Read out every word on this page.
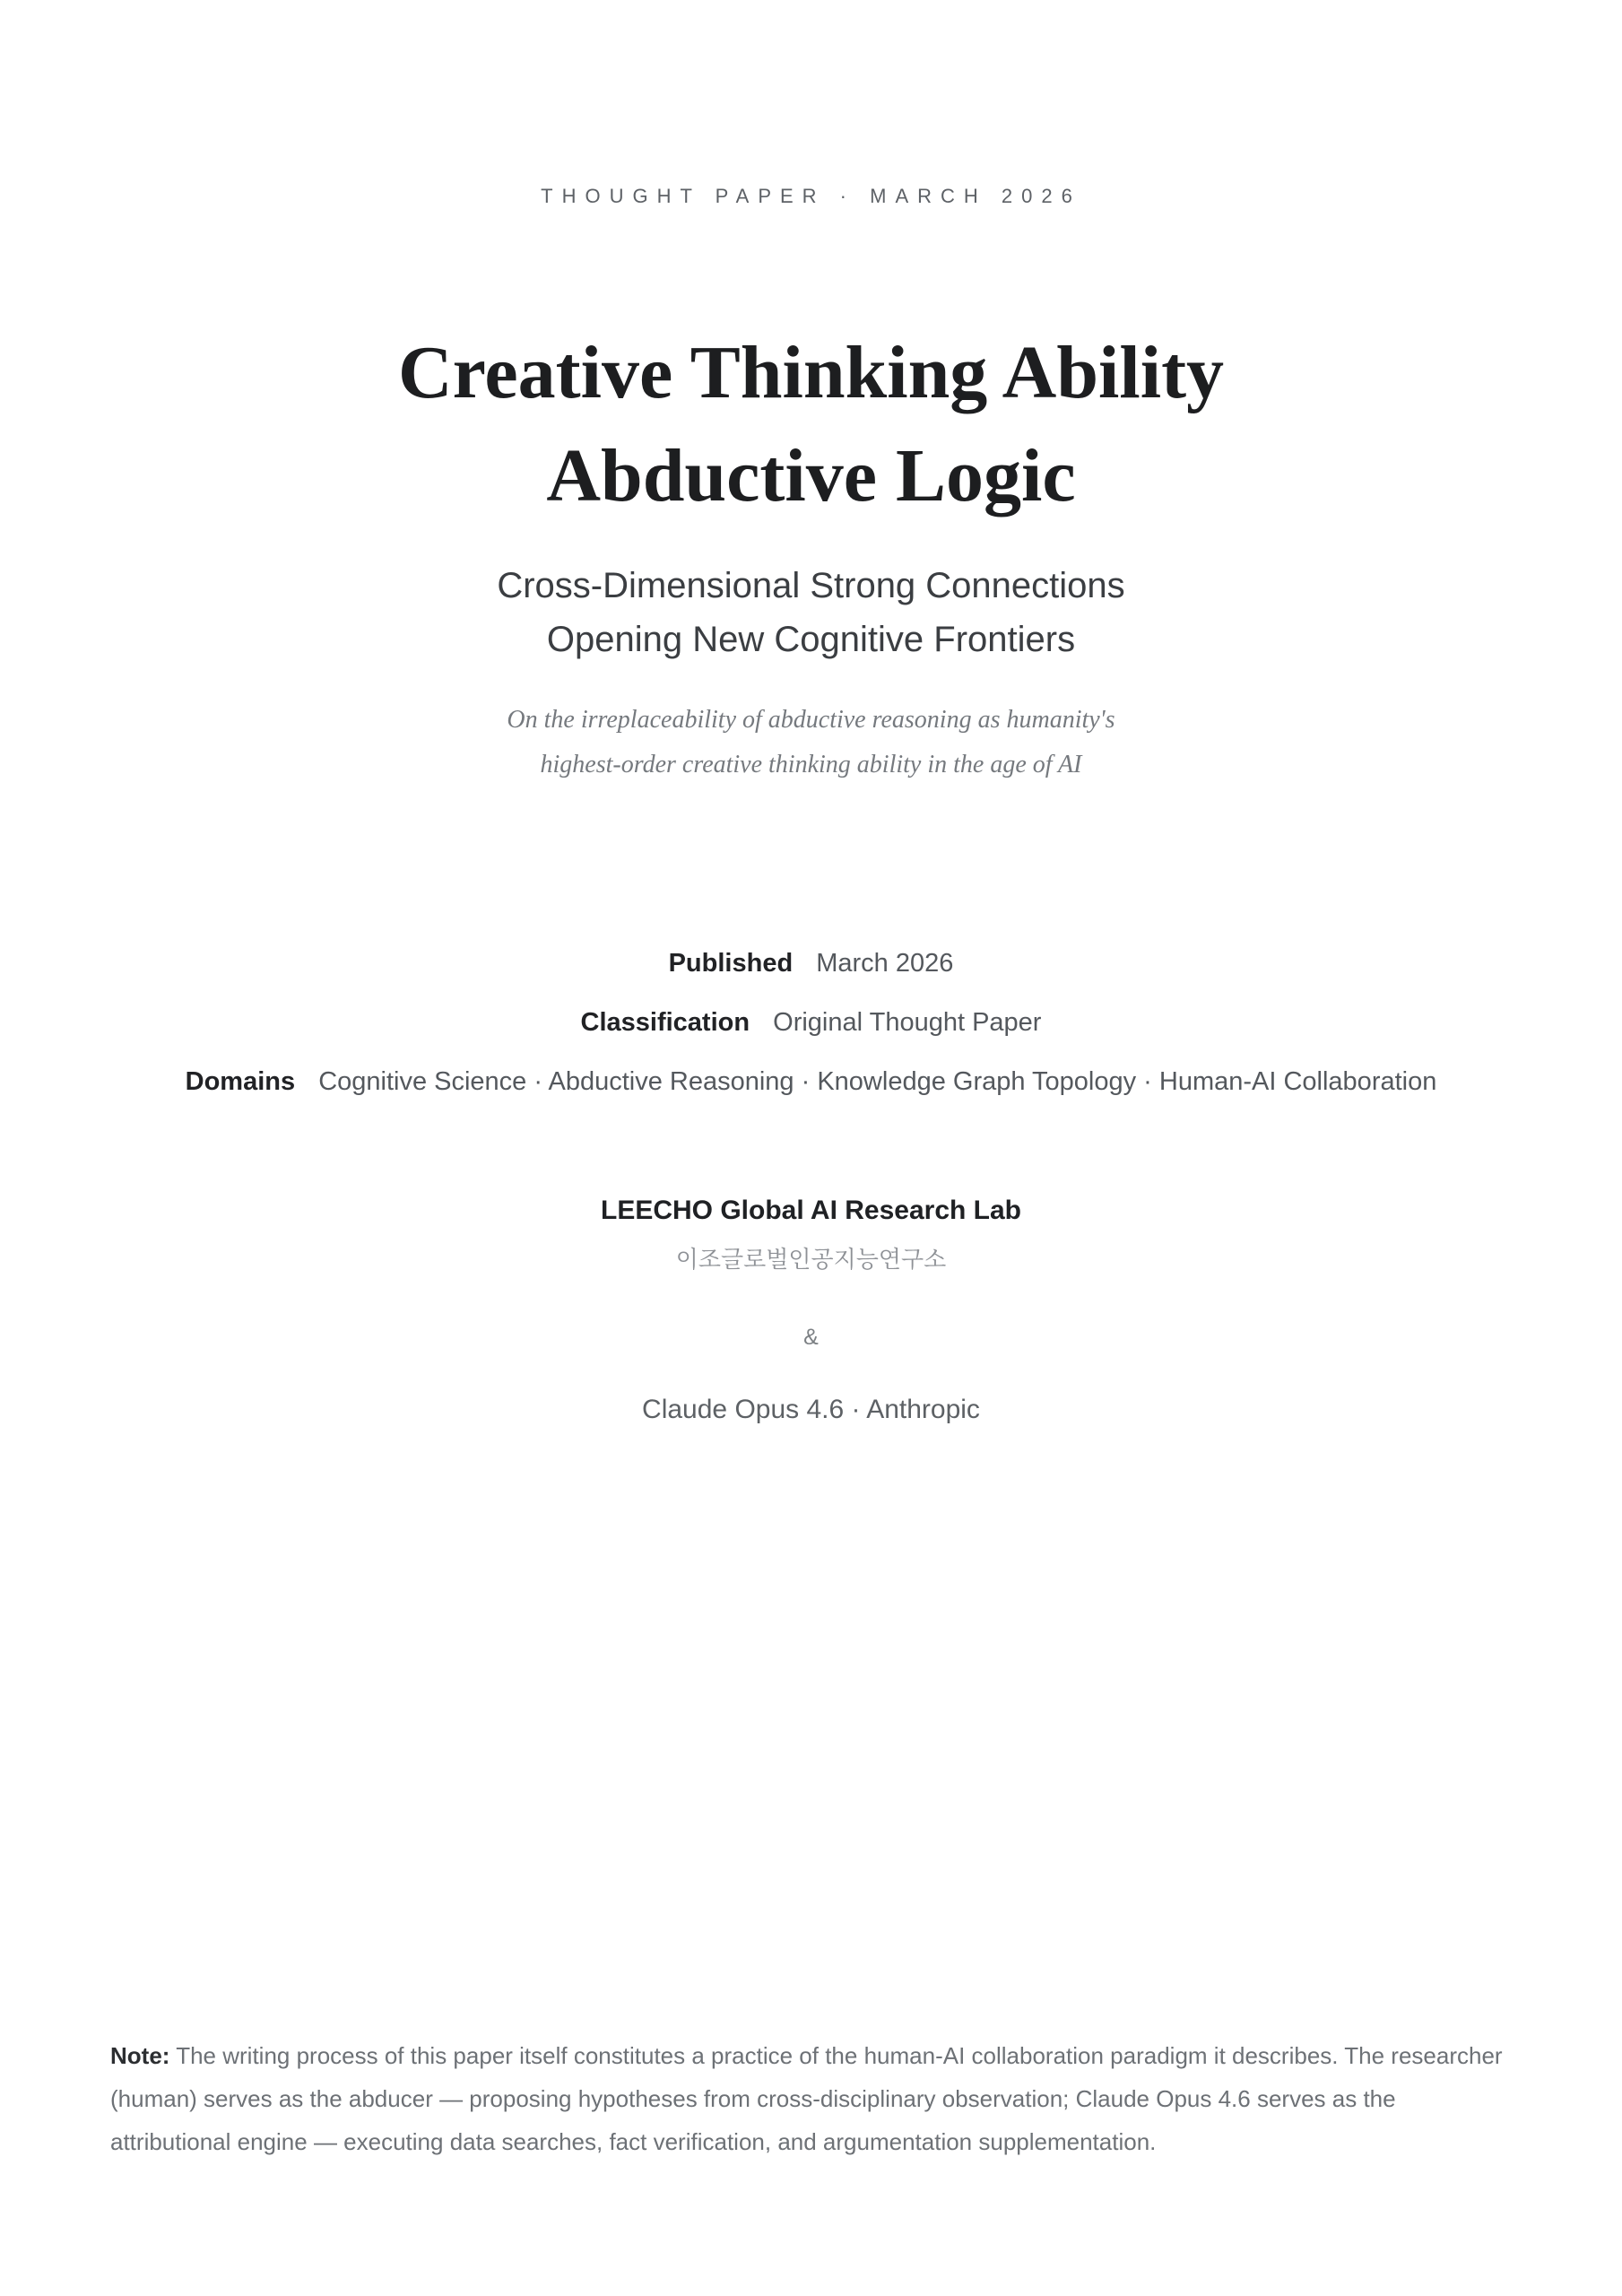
THOUGHT PAPER · MARCH 2026
Creative Thinking Ability
Abductive Logic
Cross-Dimensional Strong Connections
Opening New Cognitive Frontiers
On the irreplaceability of abductive reasoning as humanity's
highest-order creative thinking ability in the age of AI
Published March 2026
Classification Original Thought Paper
Domains Cognitive Science · Abductive Reasoning · Knowledge Graph Topology · Human-AI Collaboration
LEECHO Global AI Research Lab
이조글로벌인공지능연구소
&
Claude Opus 4.6 · Anthropic

Note: The writing process of this paper itself constitutes a practice of the human-AI collaboration paradigm it describes. The researcher (human) serves as the abducer — proposing hypotheses from cross-disciplinary observation; Claude Opus 4.6 serves as the attributional engine — executing data searches, fact verification, and argumentation supplementation.
